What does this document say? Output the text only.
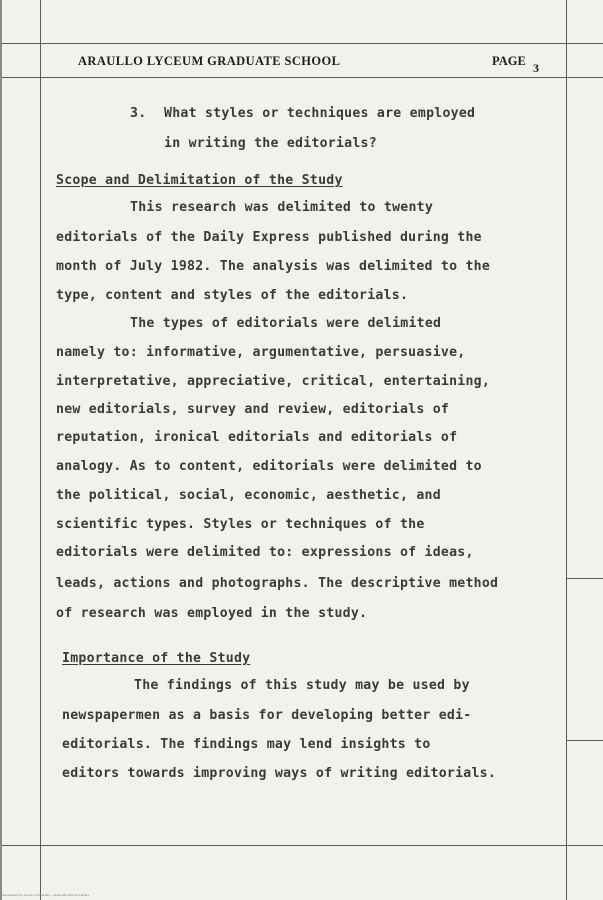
ARAULLO LYCEUM GRADUATE SCHOOL	PAGE 3
3. What styles or techniques are employed
in writing the editorials?
Scope and Delimitation of the Study
This research was delimited to twenty
editorials of the Daily Express published during the
month of July 1982. The analysis was delimited to the
type, content and styles of the editorials.
The types of editorials were delimited
namely to: informative, argumentative, persuasive,
interpretative, appreciative, critical, entertaining,
new editorials, survey and review, editorials of
reputation, ironical editorials and editorials of
analogy. As to content, editorials were delimited to
the political, social, economic, aesthetic, and
scientific types. Styles or techniques of the
editorials were delimited to: expressions of ideas,
leads, actions and photographs. The descriptive method
of research was employed in the study.
Importance of the Study
The findings of this study may be used by
newspapermen as a basis for developing better edi-
editorials. The findings may lend insights to
editors towards improving ways of writing editorials.
Generated by Araullo University - Graduate School Library
